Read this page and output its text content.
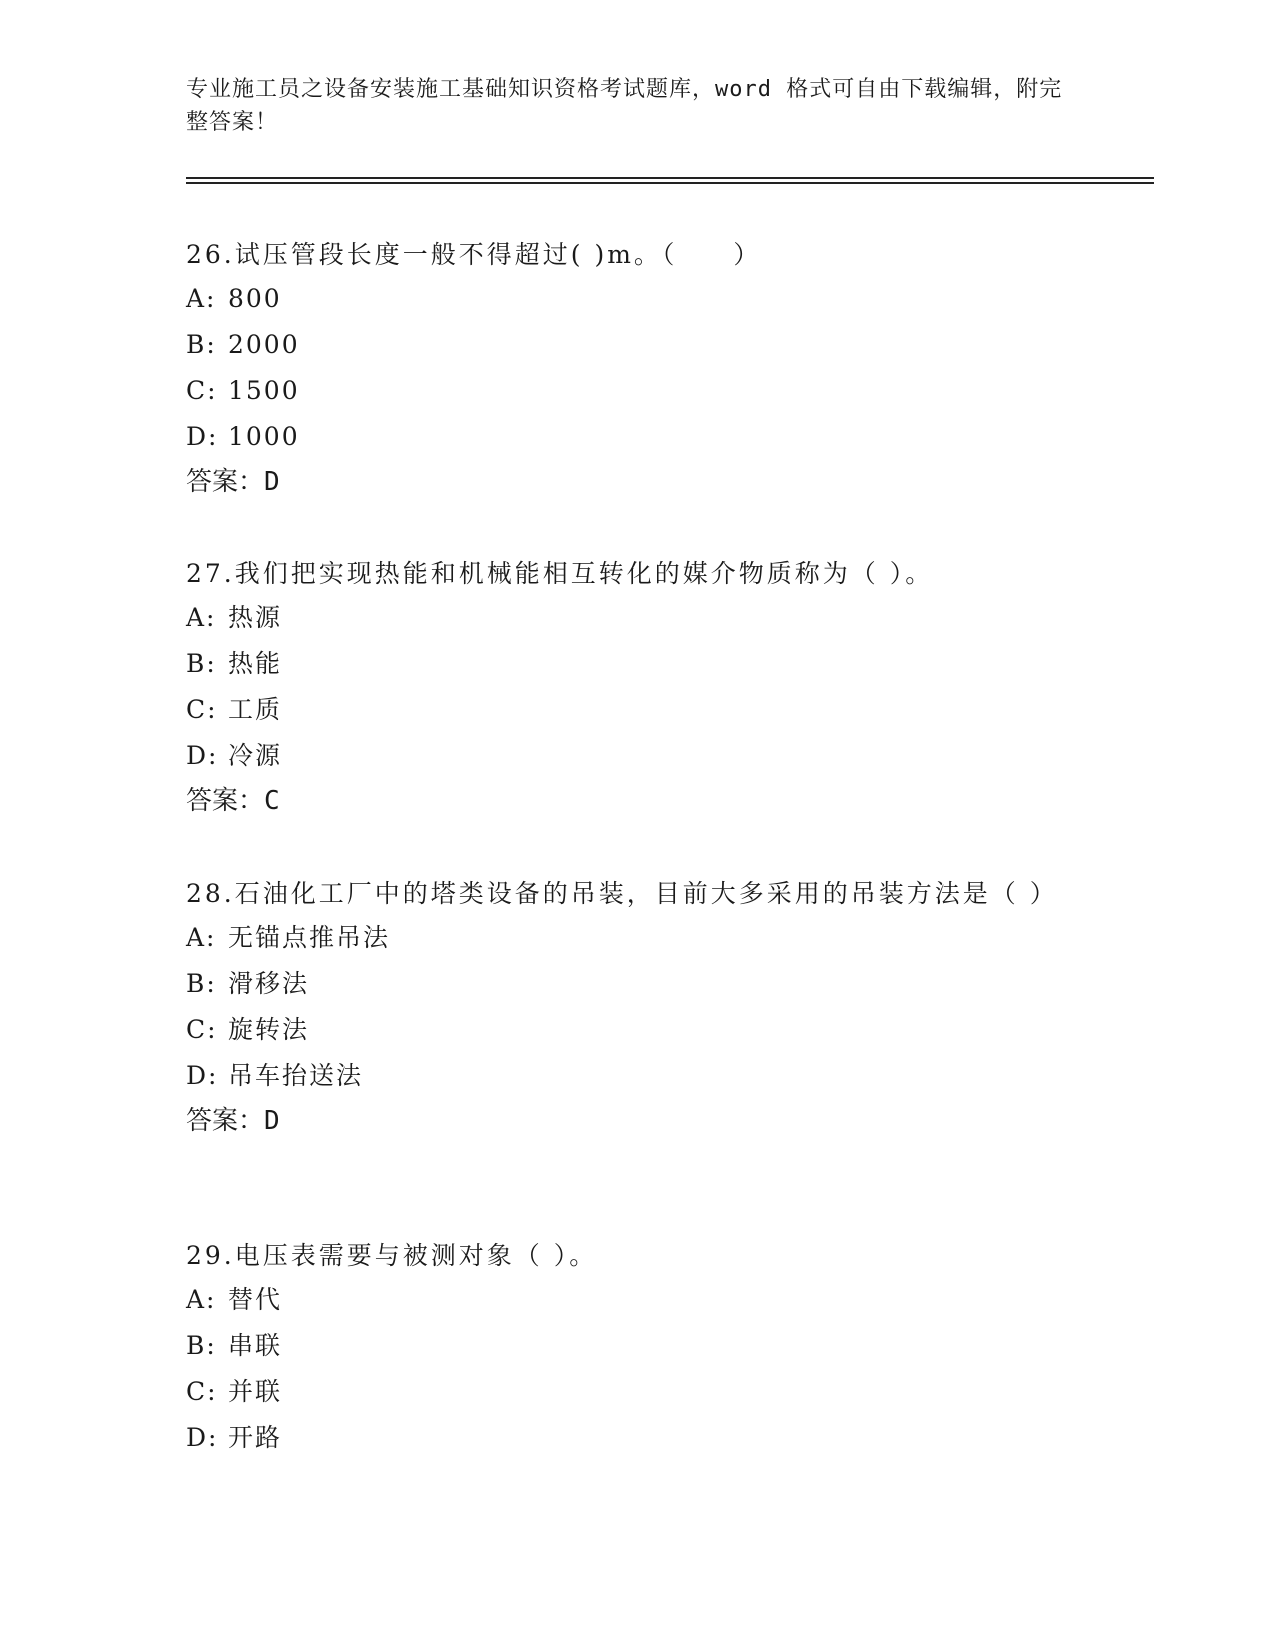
专业施工员之设备安装施工基础知识资格考试题库，word 格式可自由下载编辑，附完整答案！

26.试压管段长度一般不得超过( )m。（　　）

A: 800
B: 2000
C: 1500
D: 1000

答案：D

27.我们把实现热能和机械能相互转化的媒介物质称为（ ）。

A: 热源
B: 热能
C: 工质
D: 冷源

答案：C

28.石油化工厂中的塔类设备的吊装，目前大多采用的吊装方法是（ ）

A: 无锚点推吊法
B: 滑移法
C: 旋转法
D: 吊车抬送法

答案：D

29.电压表需要与被测对象（ ）。

A: 替代
B: 串联
C: 并联
D: 开路
